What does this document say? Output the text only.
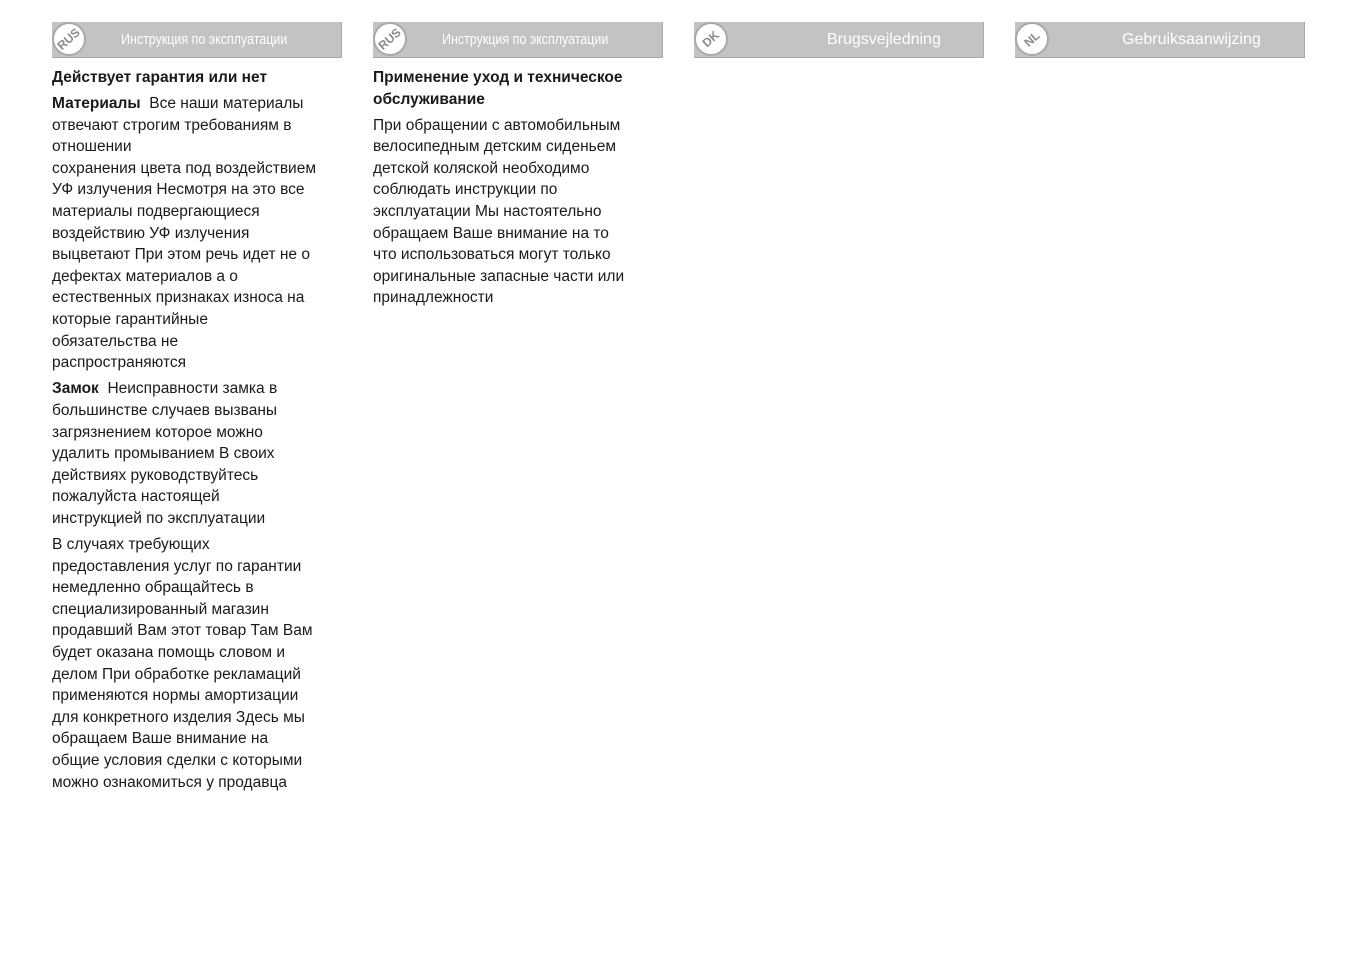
RUS	Инструкция по эксплуатации

Действует гарантия или нет

Материалы Все наши материалы
отвечают строгим требованиям в
отношении
сохранения цвета под воздействием
УФ излучения Несмотря на это все
материалы подвергающиеся
воздействию УФ излучения
выцветают При этом речь идет не о
дефектах материалов а о
естественных признаках износа на
которые гарантийные
обязательства не
распространяются

Замок Неисправности замка в
большинстве случаев вызваны
загрязнением которое можно
удалить промыванием В своих
действиях руководствуйтесь
пожалуйста настоящей
инструкцией по эксплуатации

В случаях требующих
предоставления услуг по гарантии
немедленно обращайтесь в
специализированный магазин
продавший Вам этот товар Там Вам
будет оказана помощь словом и
делом При обработке рекламаций
применяются нормы амортизации
для конкретного изделия Здесь мы
обращаем Ваше внимание на
общие условия сделки с которыми
можно ознакомиться у продавца

RUS	Инструкция по эксплуатации

Применение уход и техническое
обслуживание

При обращении с автомобильным
велосипедным детским сиденьем
детской коляской необходимо
соблюдать инструкции по
эксплуатации Мы настоятельно
обращаем Ваше внимание на то
что использоваться могут только
оригинальные запасные части или
принадлежности

DK	Brugsvejledning	NL	Gebruiksaanwijzing
